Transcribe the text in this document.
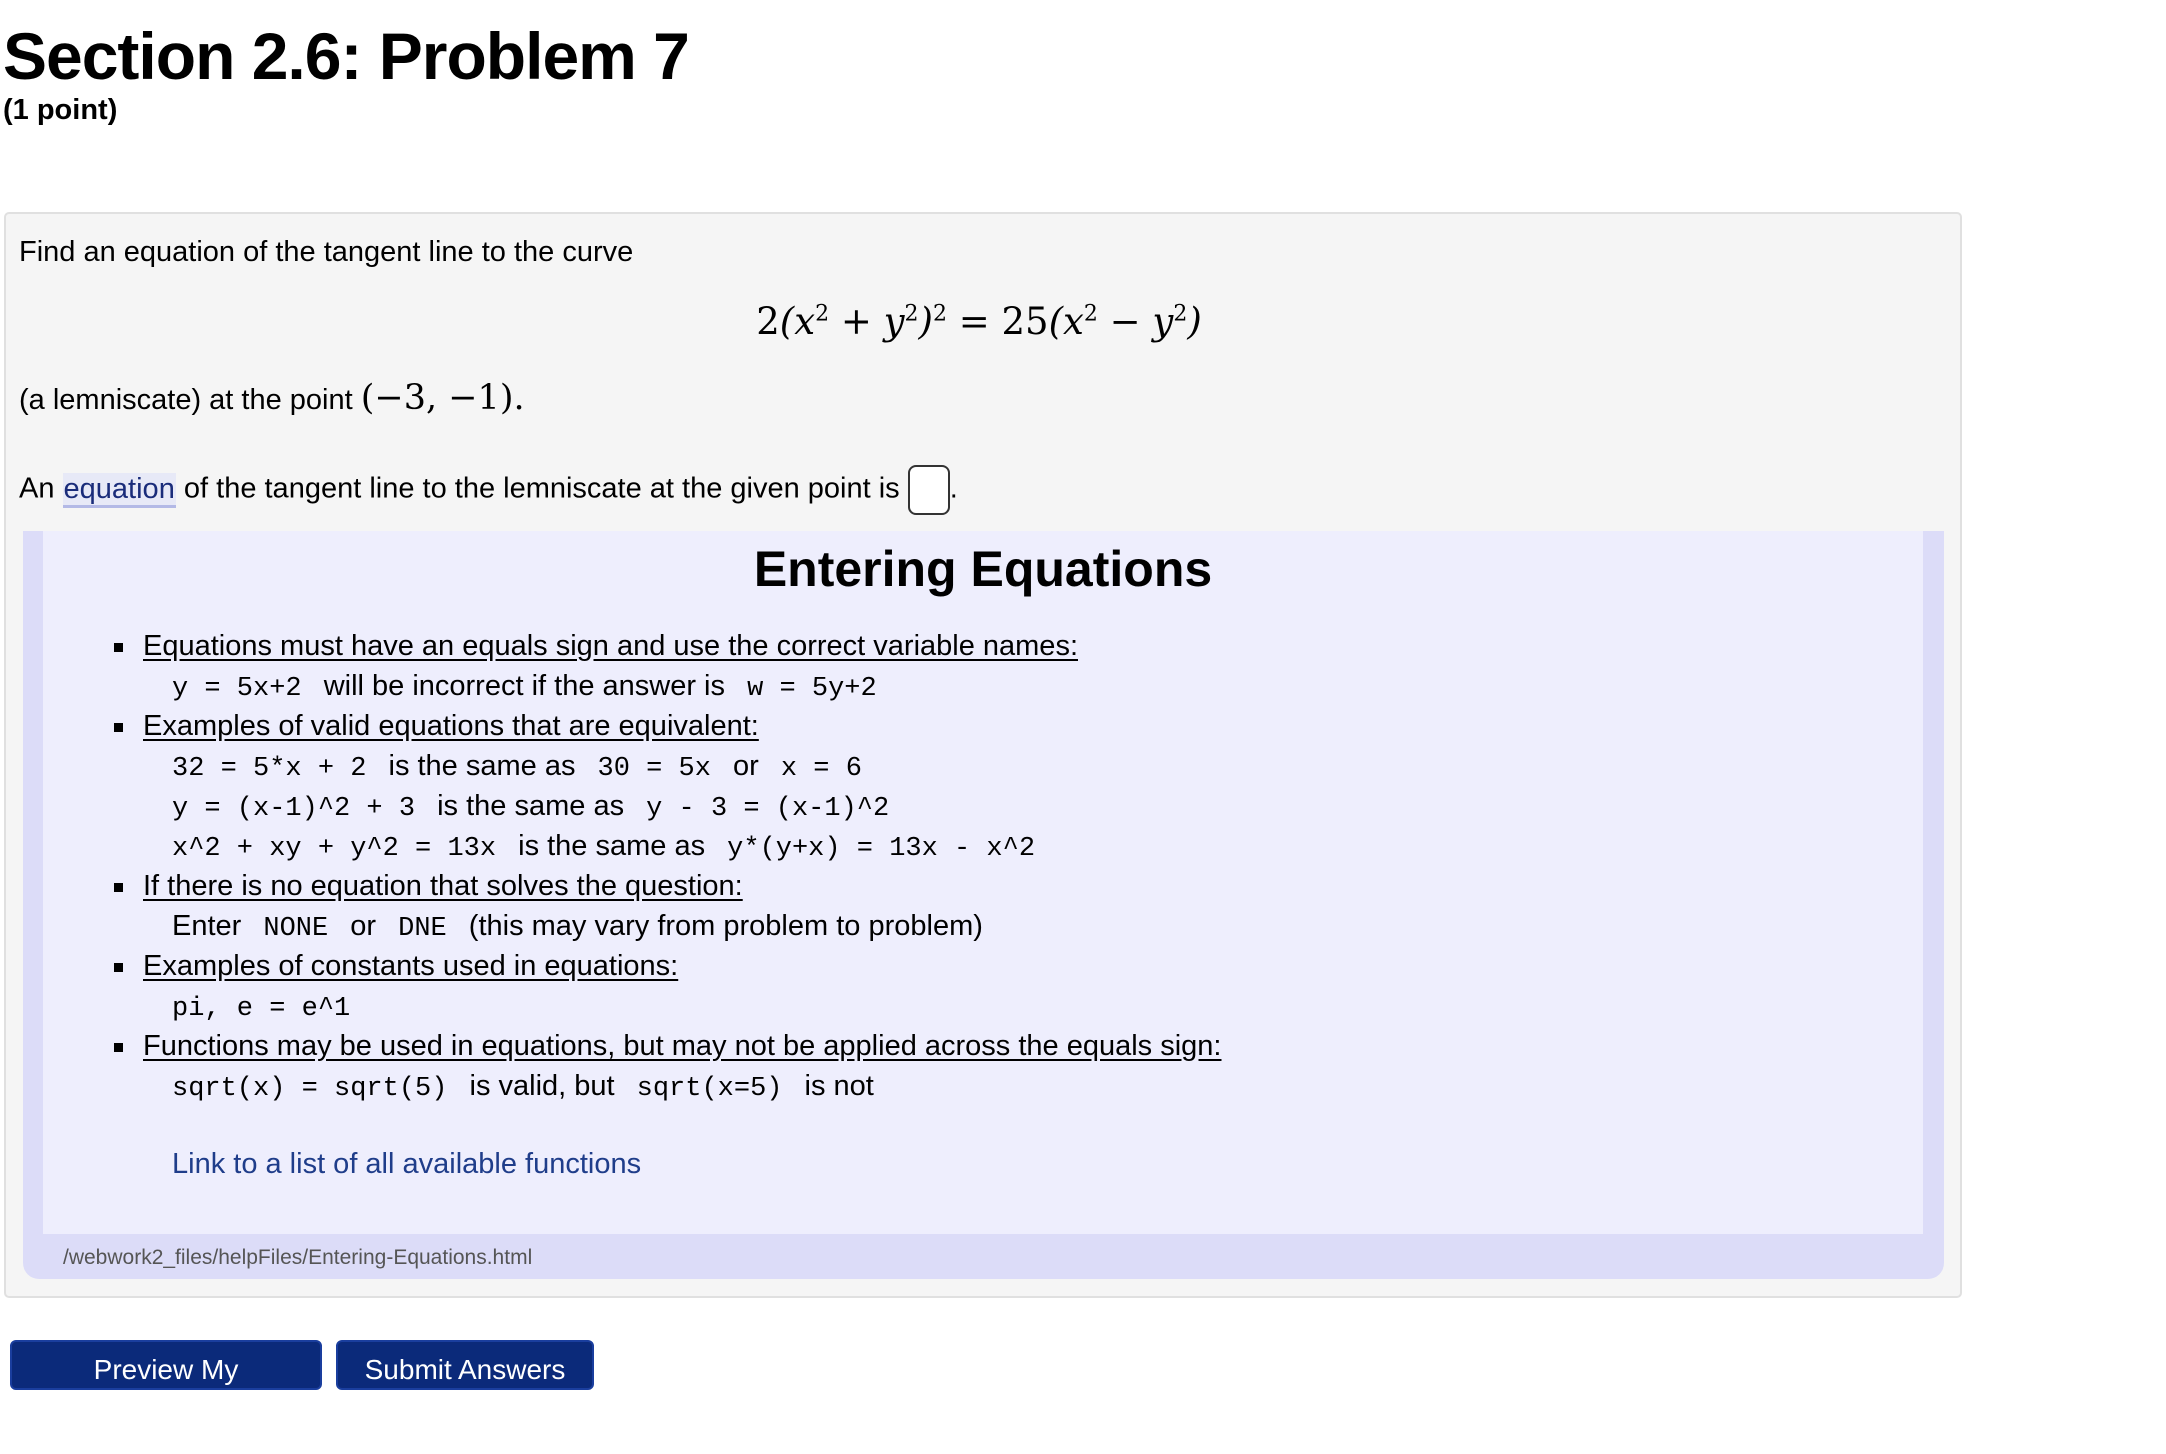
Section 2.6: Problem 7
(1 point)
Find an equation of the tangent line to the curve
$2(x^2 + y^2)^2 = 25(x^2 - y^2)$
(a lemniscate) at the point (−3, −1).
An equation of the tangent line to the lemniscate at the given point is .
Entering Equations
Equations must have an equals sign and use the correct variable names:
y = 5x+2 will be incorrect if the answer is w = 5y+2
Examples of valid equations that are equivalent:
32 = 5*x + 2 is the same as 30 = 5x or x = 6
y = (x-1)^2 + 3 is the same as y - 3 = (x-1)^2
x^2 + xy + y^2 = 13x is the same as y*(y+x) = 13x - x^2
If there is no equation that solves the question:
Enter NONE or DNE (this may vary from problem to problem)
Examples of constants used in equations:
pi, e = e^1
Functions may be used in equations, but may not be applied across the equals sign:
sqrt(x) = sqrt(5) is valid, but sqrt(x=5) is not
Link to a list of all available functions
/webwork2_files/helpFiles/Entering-Equations.html
Preview My Answers
Submit Answers
